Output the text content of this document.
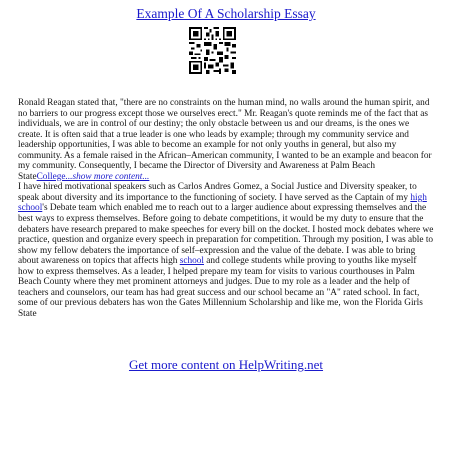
Example Of A Scholarship Essay

Ronald Reagan stated that, "there are no constraints on the human mind, no walls around the human spirit, and no barriers to our progress except those we ourselves erect." Mr. Reagan's quote reminds me of the fact that as individuals, we are in control of our destiny; the only obstacle between us and our dreams, is the ones we create. It is often said that a true leader is one who leads by example; through my community service and leadership opportunities, I was able to become an example for not only youths in general, but also my community. As a female raised in the African–American community, I wanted to be an example and beacon for my community. Consequently, I became the Director of Diversity and Awareness at Palm Beach StateCollege...show more content...

I have hired motivational speakers such as Carlos Andres Gomez, a Social Justice and Diversity speaker, to speak about diversity and its importance to the functioning of society. I have served as the Captain of my high school's Debate team which enabled me to reach out to a larger audience about expressing themselves and the best ways to express themselves. Before going to debate competitions, it would be my duty to ensure that the debaters have research prepared to make speeches for every bill on the docket. I hosted mock debates where we practice, question and organize every speech in preparation for competition. Through my position, I was able to show my fellow debaters the importance of self–expression and the value of the debate. I was able to bring about awareness on topics that affects high school and college students while proving to youths like myself how to express themselves. As a leader, I helped prepare my team for visits to various courthouses in Palm Beach County where they met prominent attorneys and judges. Due to my role as a leader and the help of teachers and counselors, our team has had great success and our school became an "A" rated school. In fact, some of our previous debaters has won the Gates Millennium Scholarship and like me, won the Florida Girls State

Get more content on HelpWriting.net
